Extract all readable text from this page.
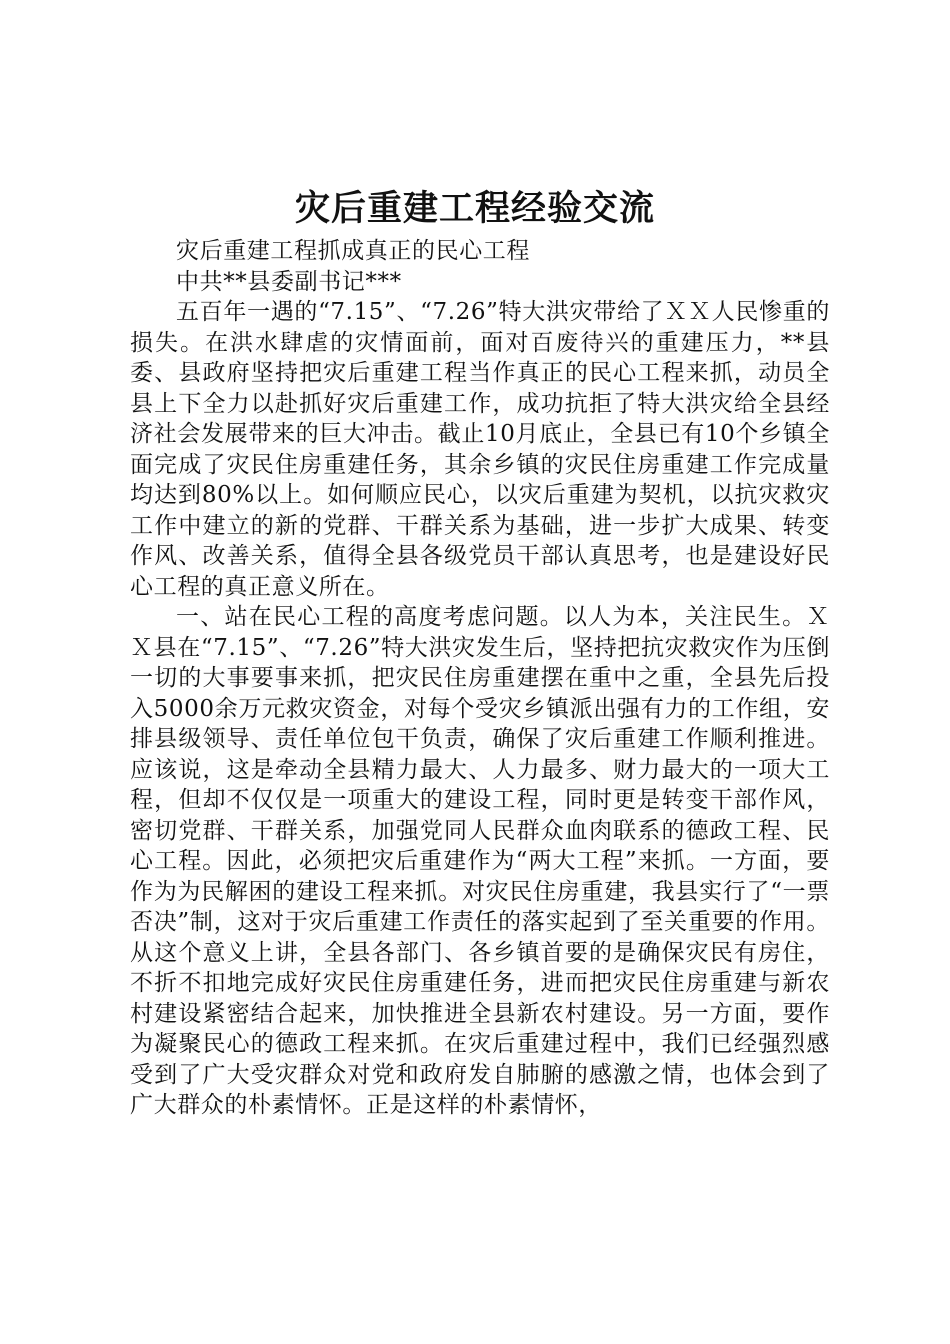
灾后重建工程经验交流

灾后重建工程抓成真正的民心工程

中共**县委副书记***

五百年一遇的“7.15”、“7.26”特大洪灾带给了ＸＸ人民惨重的损失。在洪水肆虐的灾情面前，面对百废待兴的重建压力，**县委、县政府坚持把灾后重建工程当作真正的民心工程来抓，动员全县上下全力以赴抓好灾后重建工作，成功抗拒了特大洪灾给全县经济社会发展带来的巨大冲击。截止10月底止，全县已有10个乡镇全面完成了灾民住房重建任务，其余乡镇的灾民住房重建工作完成量均达到80%以上。如何顺应民心，以灾后重建为契机，以抗灾救灾工作中建立的新的党群、干群关系为基础，进一步扩大成果、转变作风、改善关系，值得全县各级党员干部认真思考，也是建设好民心工程的真正意义所在。

一、站在民心工程的高度考虑问题。以人为本，关注民生。ＸＸ县在“7.15”、“7.26”特大洪灾发生后，坚持把抗灾救灾作为压倒一切的大事要事来抓，把灾民住房重建摆在重中之重，全县先后投入5000余万元救灾资金，对每个受灾乡镇派出强有力的工作组，安排县级领导、责任单位包干负责，确保了灾后重建工作顺利推进。应该说，这是牵动全县精力最大、人力最多、财力最大的一项大工程，但却不仅仅是一项重大的建设工程，同时更是转变干部作风，密切党群、干群关系，加强党同人民群众血肉联系的德政工程、民心工程。因此，必须把灾后重建作为“两大工程”来抓。一方面，要作为为民解困的建设工程来抓。对灾民住房重建，我县实行了“一票否决”制，这对于灾后重建工作责任的落实起到了至关重要的作用。从这个意义上讲，全县各部门、各乡镇首要的是确保灾民有房住，不折不扣地完成好灾民住房重建任务，进而把灾民住房重建与新农村建设紧密结合起来，加快推进全县新农村建设。另一方面，要作为凝聚民心的德政工程来抓。在灾后重建过程中，我们已经强烈感受到了广大受灾群众对党和政府发自肺腑的感激之情，也体会到了广大群众的朴素情怀。正是这样的朴素情怀，
